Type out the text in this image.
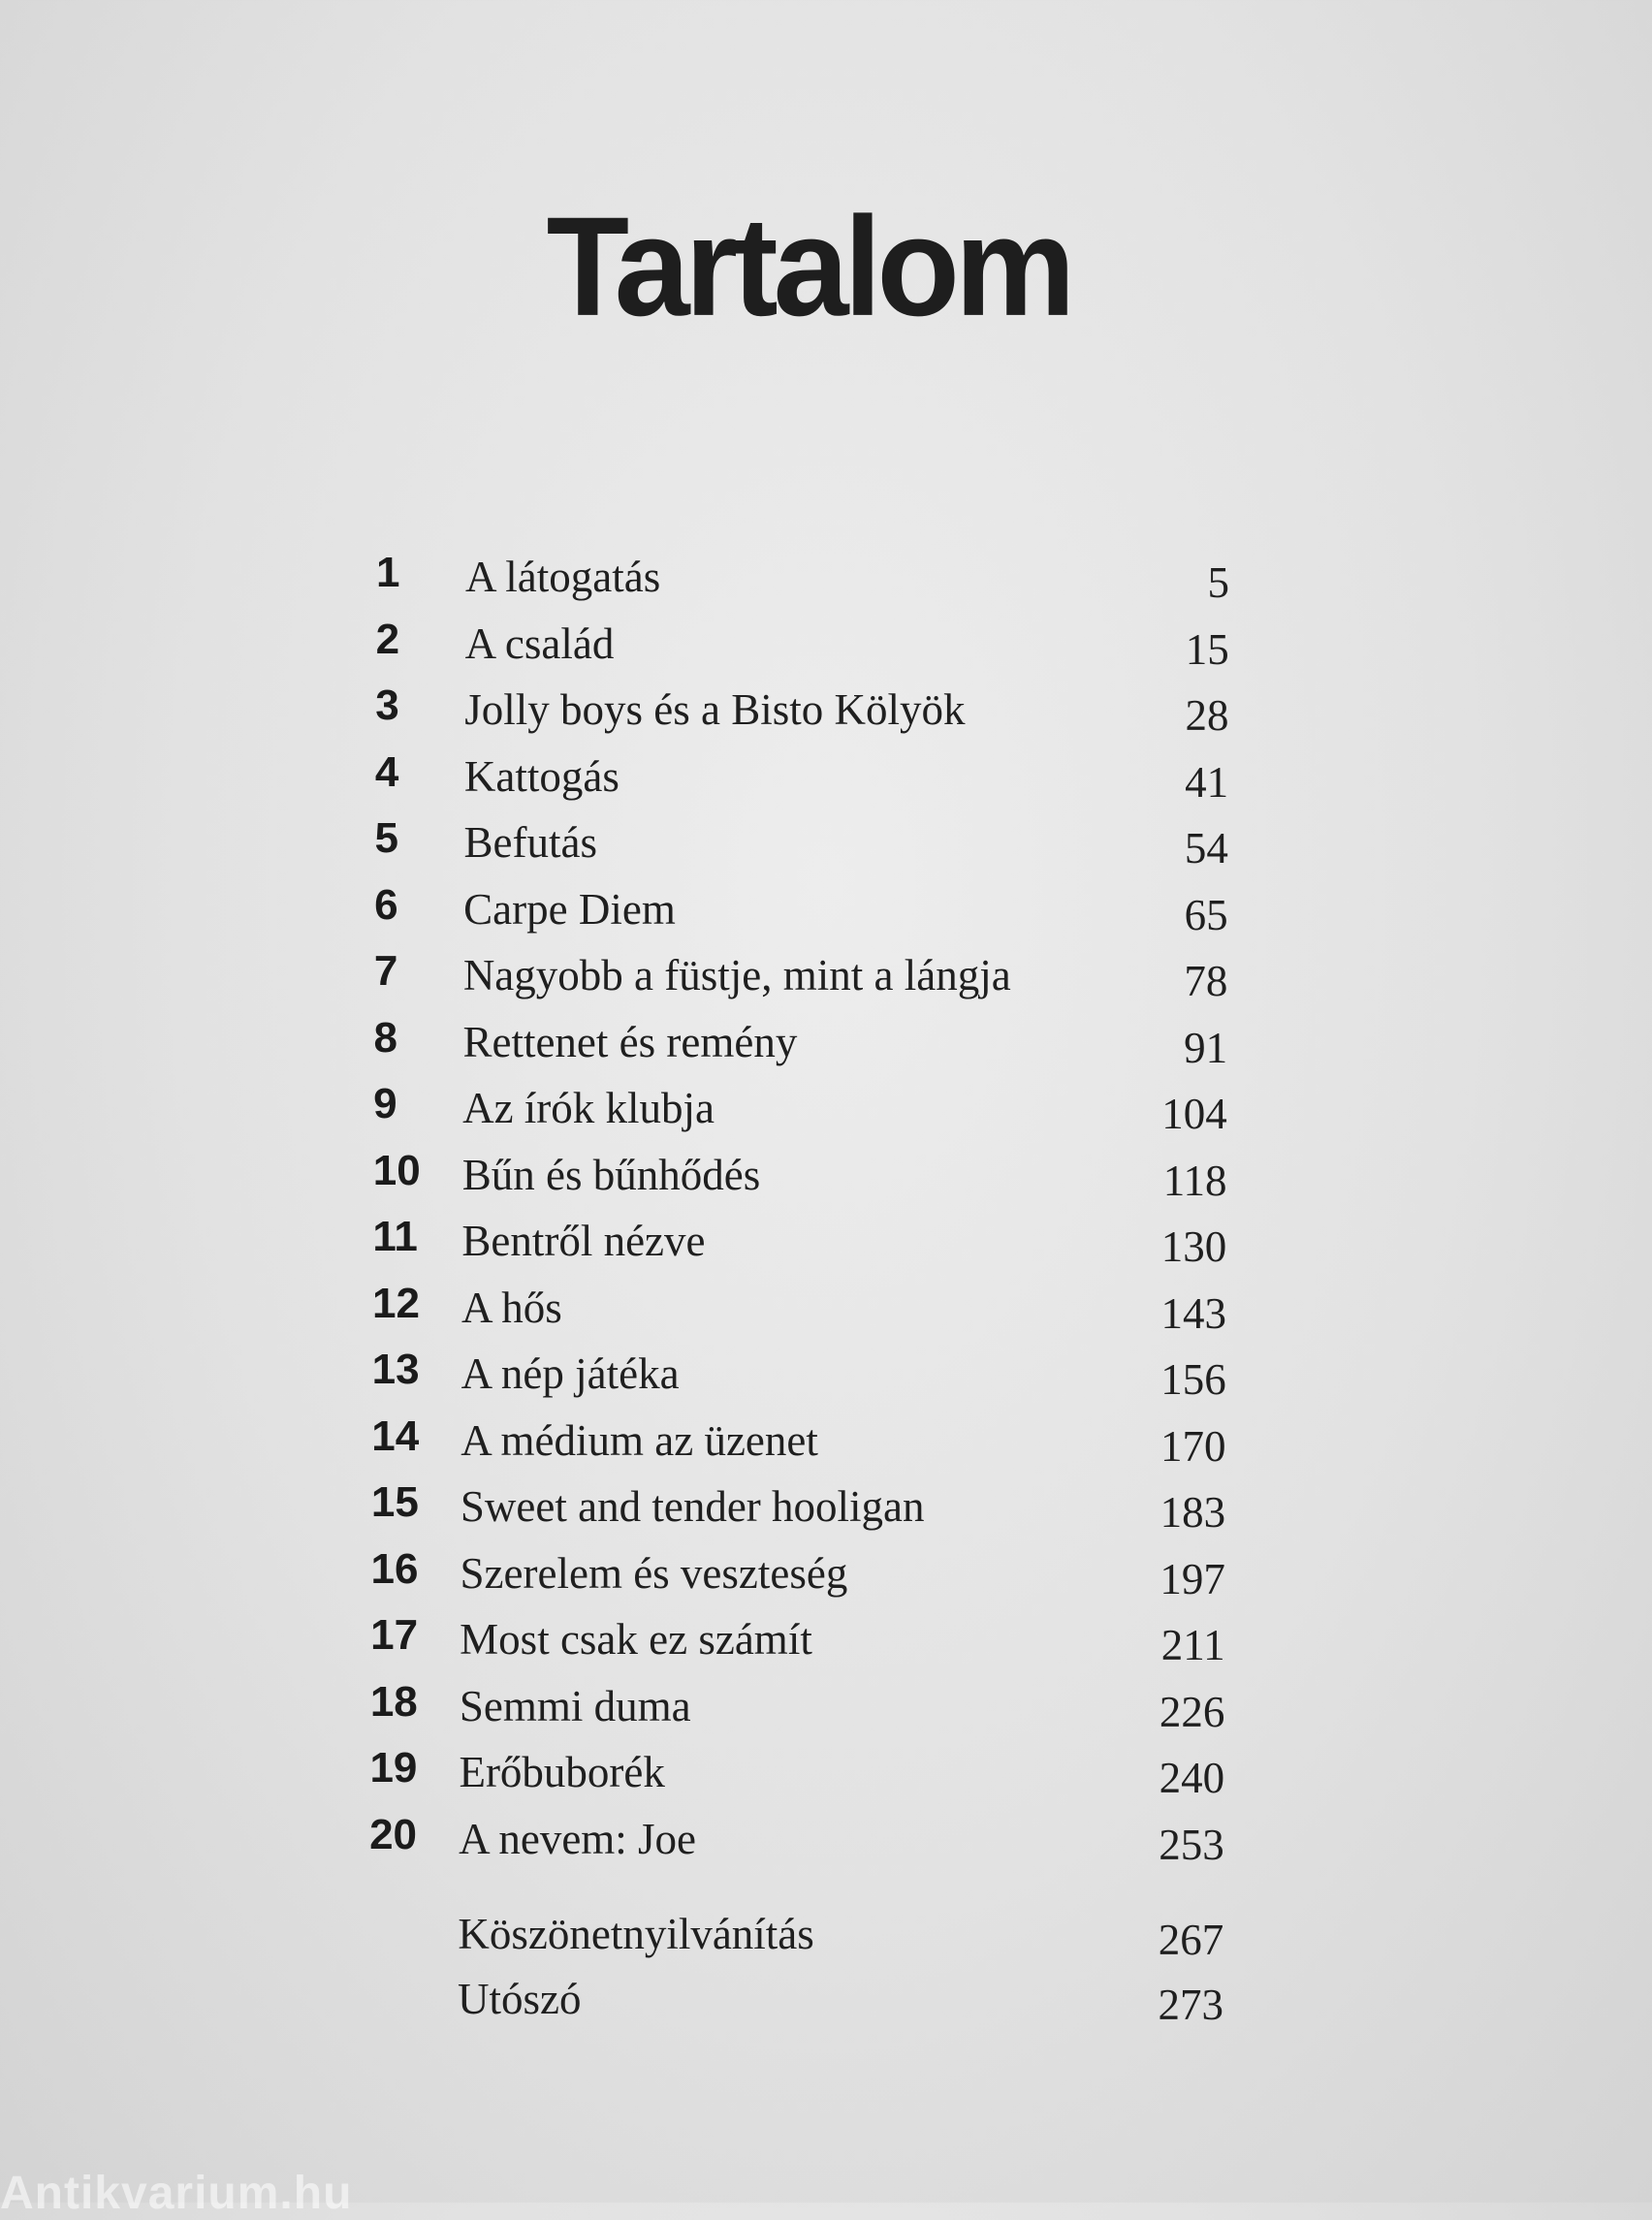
Tartalom
1	A látogatás	5
2	A család	15
3	Jolly boys és a Bisto Kölyök	28
4	Kattogás	41
5	Befutás	54
6	Carpe Diem	65
7	Nagyobb a füstje, mint a lángja	78
8	Rettenet és remény	91
9	Az írók klubja	104
10 Bűn és bűnhődés	118
11	Bentről nézve	130
12 A hős	143
13 A nép játéka	156
14 A médium az üzenet	170
15 Sweet and tender hooligan	183
16 Szerelem és veszteség	197
17 Most csak ez számít	211
18 Semmi duma	226
19 Erőbuborék	240
20 A nevem: Joe	253
Köszönetnyilvánítás	267
Utószó	273
Antikvarium.hu
